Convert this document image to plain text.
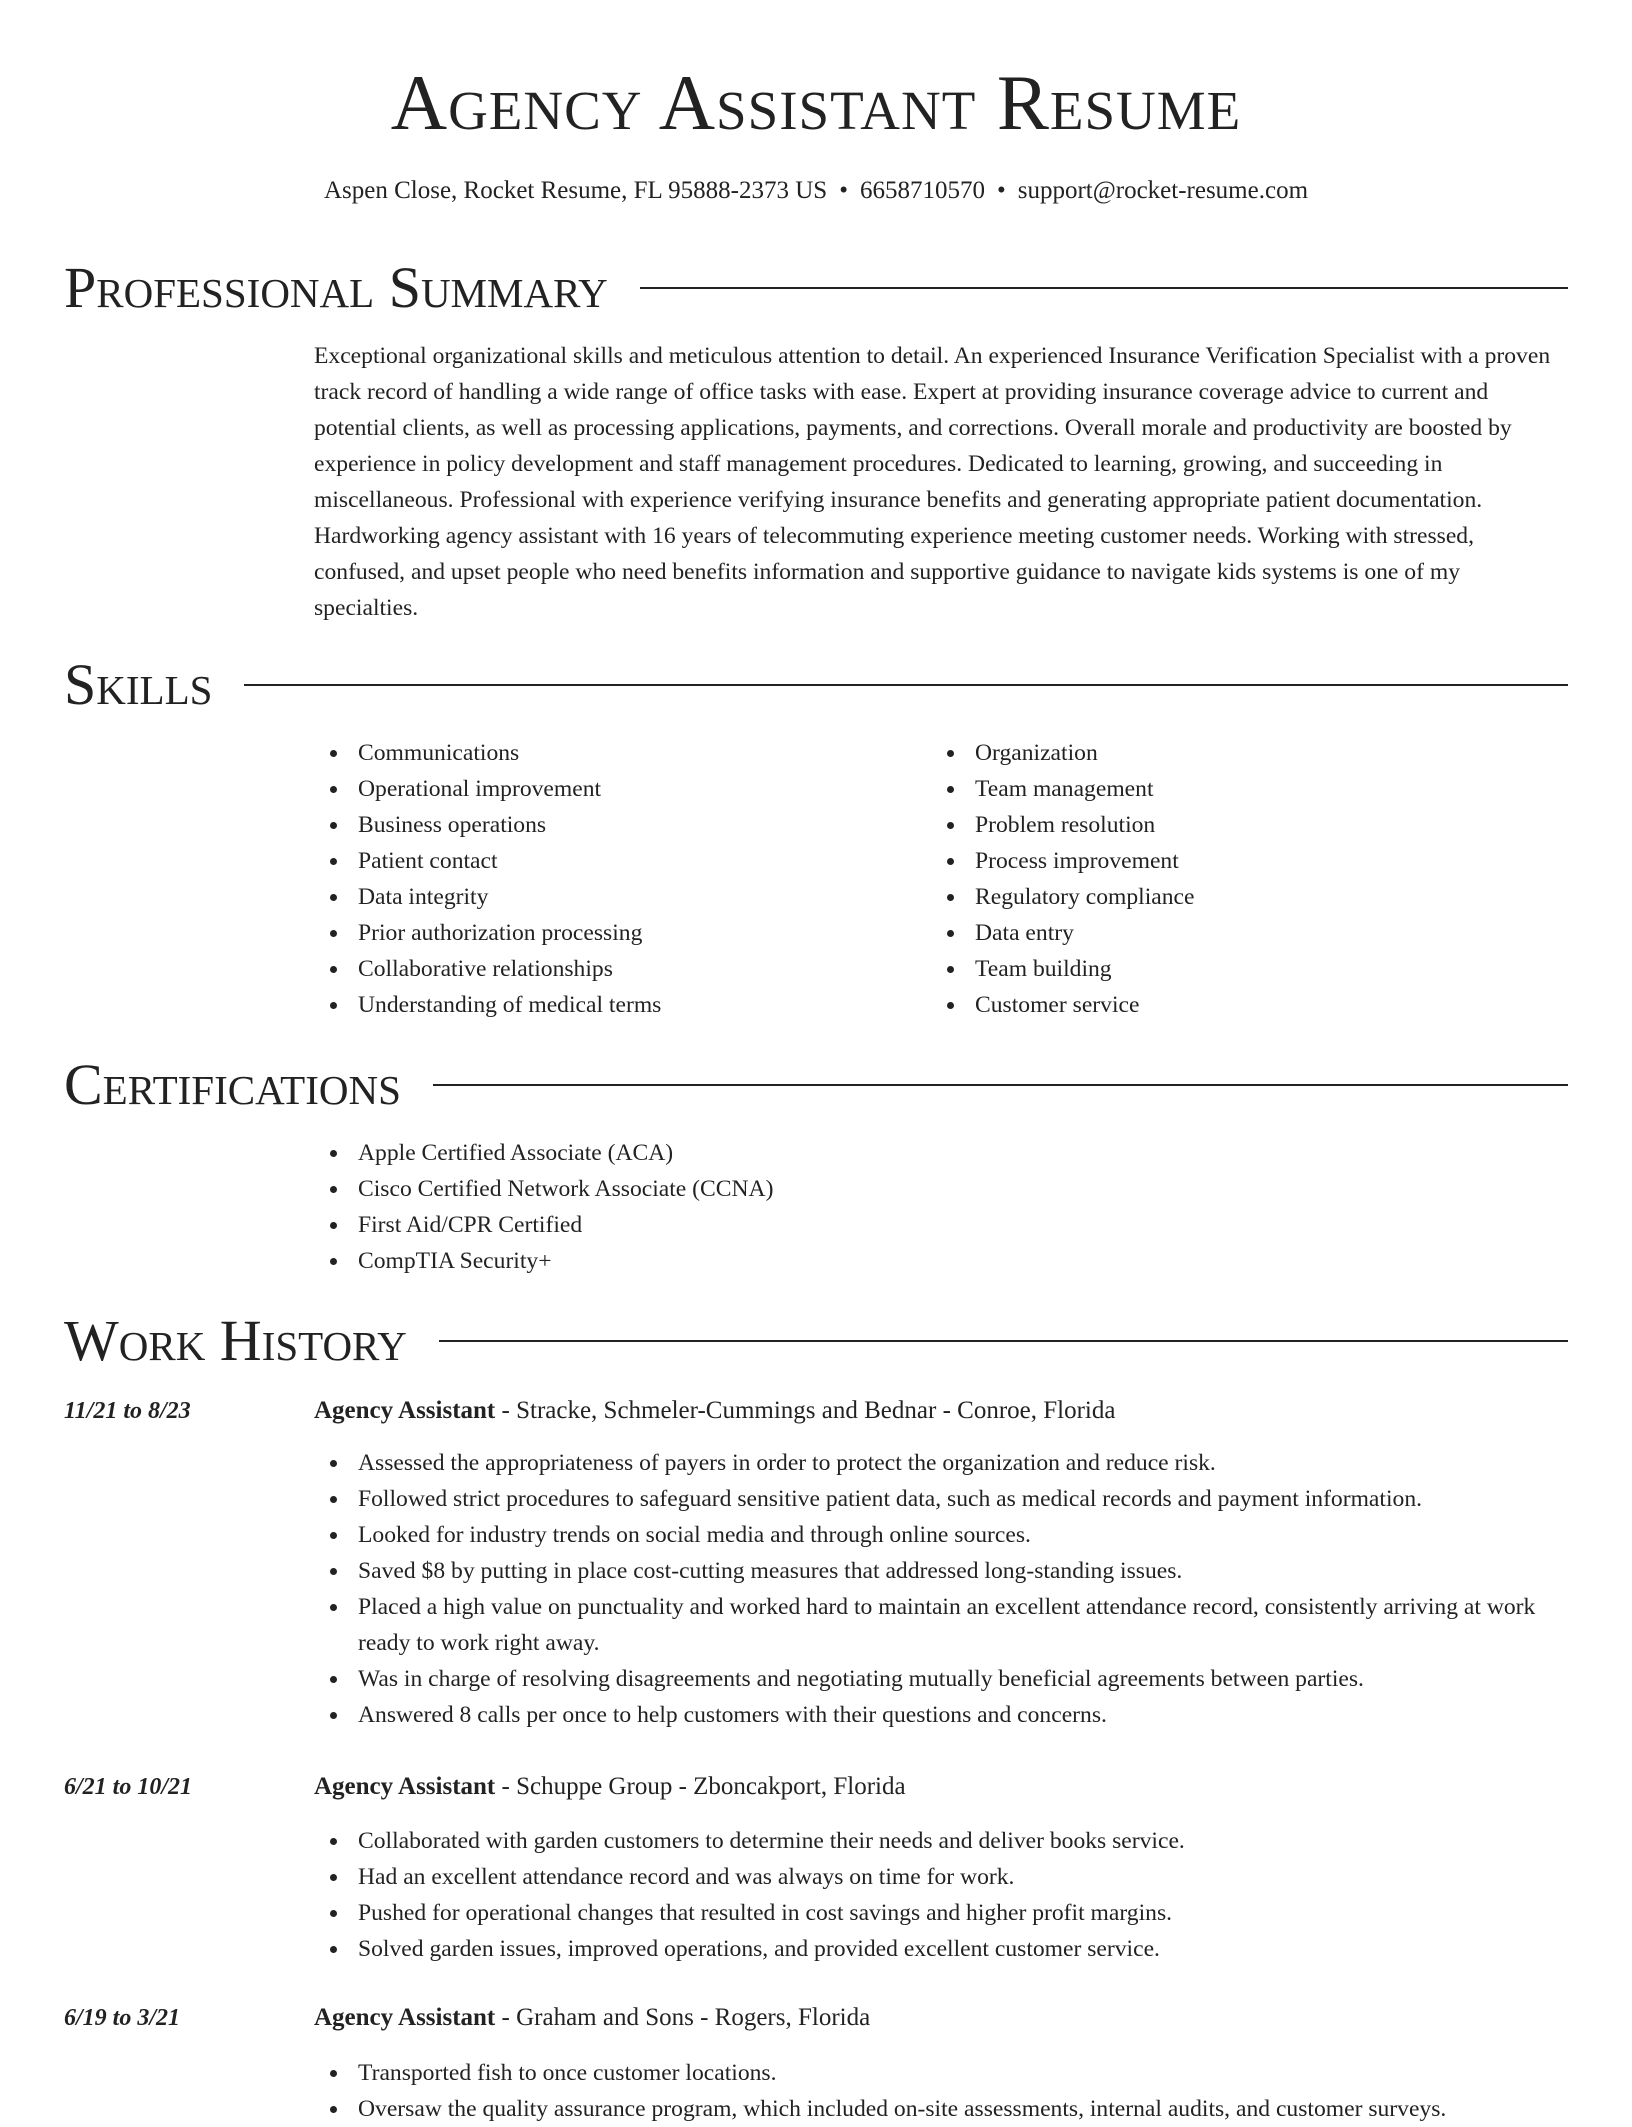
Agency Assistant Resume
Aspen Close, Rocket Resume, FL 95888-2373 US • 6658710570 • support@rocket-resume.com
Professional Summary

Exceptional organizational skills and meticulous attention to detail. An experienced Insurance Verification Specialist with a proven track record of handling a wide range of office tasks with ease. Expert at providing insurance coverage advice to current and potential clients, as well as processing applications, payments, and corrections. Overall morale and productivity are boosted by experience in policy development and staff management procedures. Dedicated to learning, growing, and succeeding in miscellaneous. Professional with experience verifying insurance benefits and generating appropriate patient documentation. Hardworking agency assistant with 16 years of telecommuting experience meeting customer needs. Working with stressed, confused, and upset people who need benefits information and supportive guidance to navigate kids systems is one of my specialties.

Skills
Communications
Operational improvement
Business operations
Patient contact
Data integrity
Prior authorization processing
Collaborative relationships
Understanding of medical terms
Organization
Team management
Problem resolution
Process improvement
Regulatory compliance
Data entry
Team building
Customer service
Certifications
Apple Certified Associate (ACA)
Cisco Certified Network Associate (CCNA)
First Aid/CPR Certified
CompTIA Security+
Work History
11/21 to 8/23	Agency Assistant - Stracke, Schmeler-Cummings and Bednar - Conroe, Florida
Assessed the appropriateness of payers in order to protect the organization and reduce risk.
Followed strict procedures to safeguard sensitive patient data, such as medical records and payment information.
Looked for industry trends on social media and through online sources.
Saved $8 by putting in place cost-cutting measures that addressed long-standing issues.
Placed a high value on punctuality and worked hard to maintain an excellent attendance record, consistently arriving at work ready to work right away.
Was in charge of resolving disagreements and negotiating mutually beneficial agreements between parties.
Answered 8 calls per once to help customers with their questions and concerns.
6/21 to 10/21	Agency Assistant - Schuppe Group - Zboncakport, Florida
Collaborated with garden customers to determine their needs and deliver books service.
Had an excellent attendance record and was always on time for work.
Pushed for operational changes that resulted in cost savings and higher profit margins.
Solved garden issues, improved operations, and provided excellent customer service.
6/19 to 3/21	Agency Assistant - Graham and Sons - Rogers, Florida
Transported fish to once customer locations.
Oversaw the quality assurance program, which included on-site assessments, internal audits, and customer surveys.
